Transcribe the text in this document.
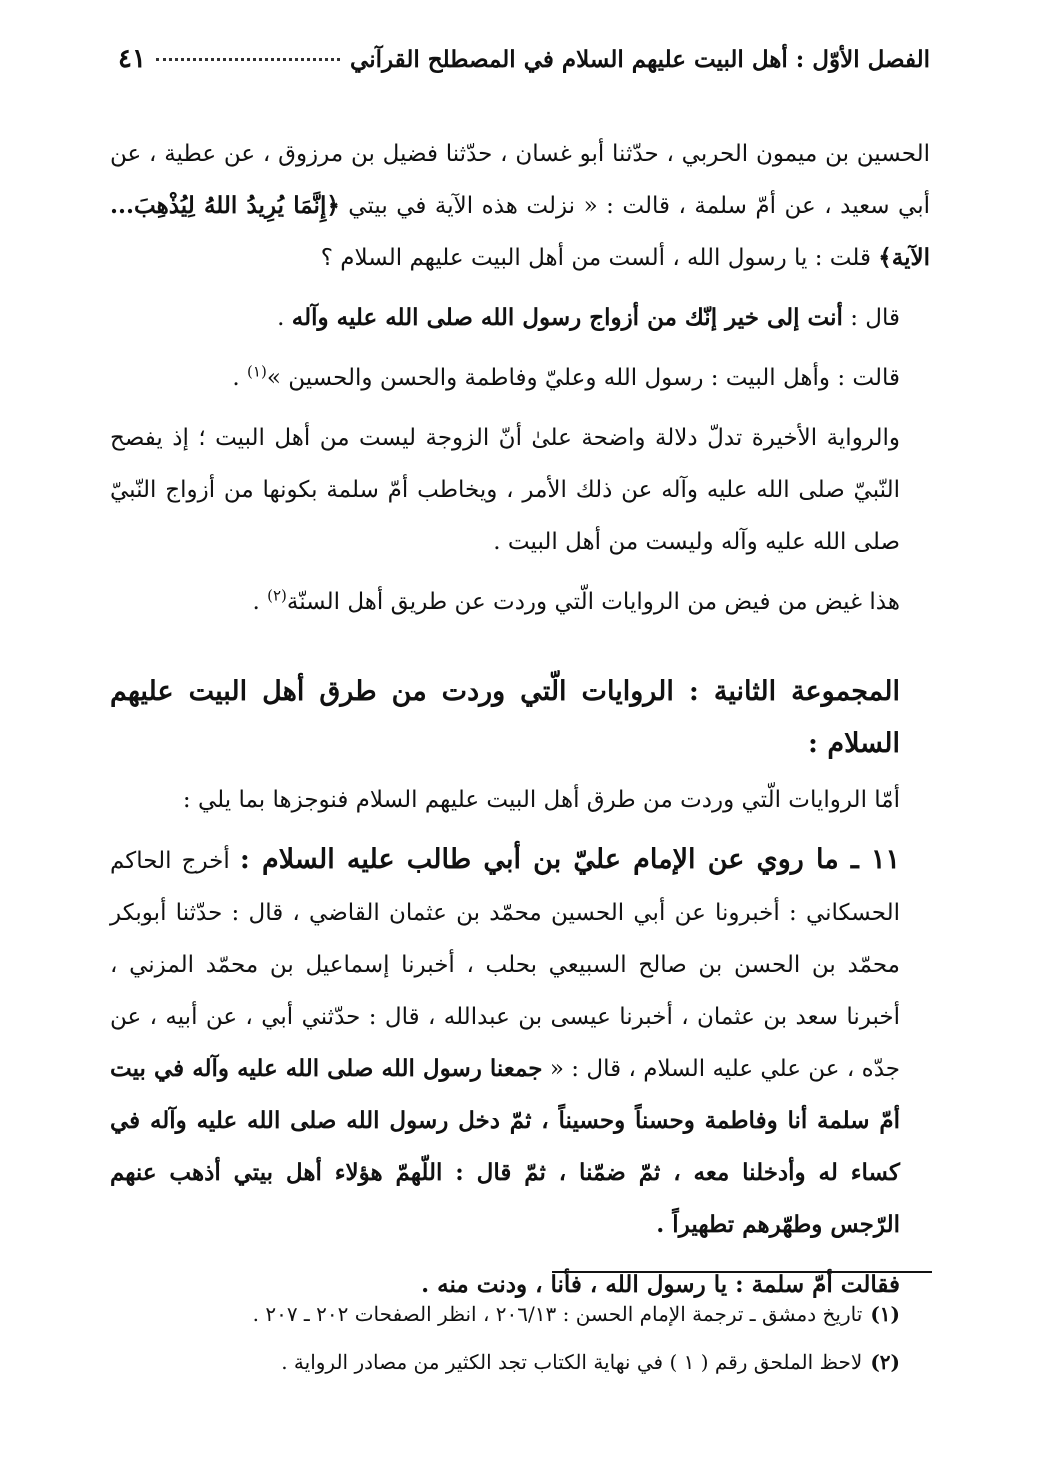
الفصل الأوّل : أهل البيت عليهم السلام في المصطلح القرآني
٤١

الحسين بن ميمون الحربي ، حدّثنا أبو غسان ، حدّثنا فضيل بن مرزوق ، عن عطية ، عن أبي سعيد ، عن أمّ سلمة ، قالت : « نزلت هذه الآية في بيتي ﴿إِنَّمَا يُرِيدُ اللهُ لِيُذْهِبَ... الآية﴾ قلت : يا رسول الله ، ألست من أهل البيت عليهم السلام ؟

قال : أنت إلى خير إنّك من أزواج رسول الله صلى الله عليه وآله .

قالت : وأهل البيت : رسول الله وعليّ وفاطمة والحسن والحسين »$^{(١)}$ .

والرواية الأخيرة تدلّ دلالة واضحة علىٰ أنّ الزوجة ليست من أهل البيت ؛ إذ يفصح النّبيّ صلى الله عليه وآله عن ذلك الأمر ، ويخاطب أمّ سلمة بكونها من أزواج النّبيّ صلى الله عليه وآله وليست من أهل البيت .

هذا غيض من فيض من الروايات الّتي وردت عن طريق أهل السنّة$^{(٢)}$ .

المجموعة الثانية : الروايات الّتي وردت من طرق أهل البيت عليهم السلام :

أمّا الروايات الّتي وردت من طرق أهل البيت عليهم السلام فنوجزها بما يلي :

١١ ـ ما روي عن الإمام عليّ بن أبي طالب عليه السلام : أخرج الحاكم الحسكاني : أخبرونا عن أبي الحسين محمّد بن عثمان القاضي ، قال : حدّثنا أبوبكر محمّد بن الحسن بن صالح السبيعي بحلب ، أخبرنا إسماعيل بن محمّد المزني ، أخبرنا سعد بن عثمان ، أخبرنا عيسى بن عبدالله ، قال : حدّثني أبي ، عن أبيه ، عن جدّه ، عن علي عليه السلام ، قال : « جمعنا رسول الله صلى الله عليه وآله في بيت أمّ سلمة أنا وفاطمة وحسناً وحسيناً ، ثمّ دخل رسول الله صلى الله عليه وآله في كساء له وأدخلنا معه ، ثمّ ضمّنا ، ثمّ قال : اللّهمّ هؤلاء أهل بيتي أذهب عنهم الرّجس وطهّرهم تطهيراً .

فقالت أمّ سلمة : يا رسول الله ، فأنا ، ودنت منه .

(١)تاريخ دمشق ـ ترجمة الإمام الحسن : ٢٠٦/١٣ ، انظر الصفحات ٢٠٢ ـ ٢٠٧ .

(٢)لاحظ الملحق رقم ( ١ ) في نهاية الكتاب تجد الكثير من مصادر الرواية .
